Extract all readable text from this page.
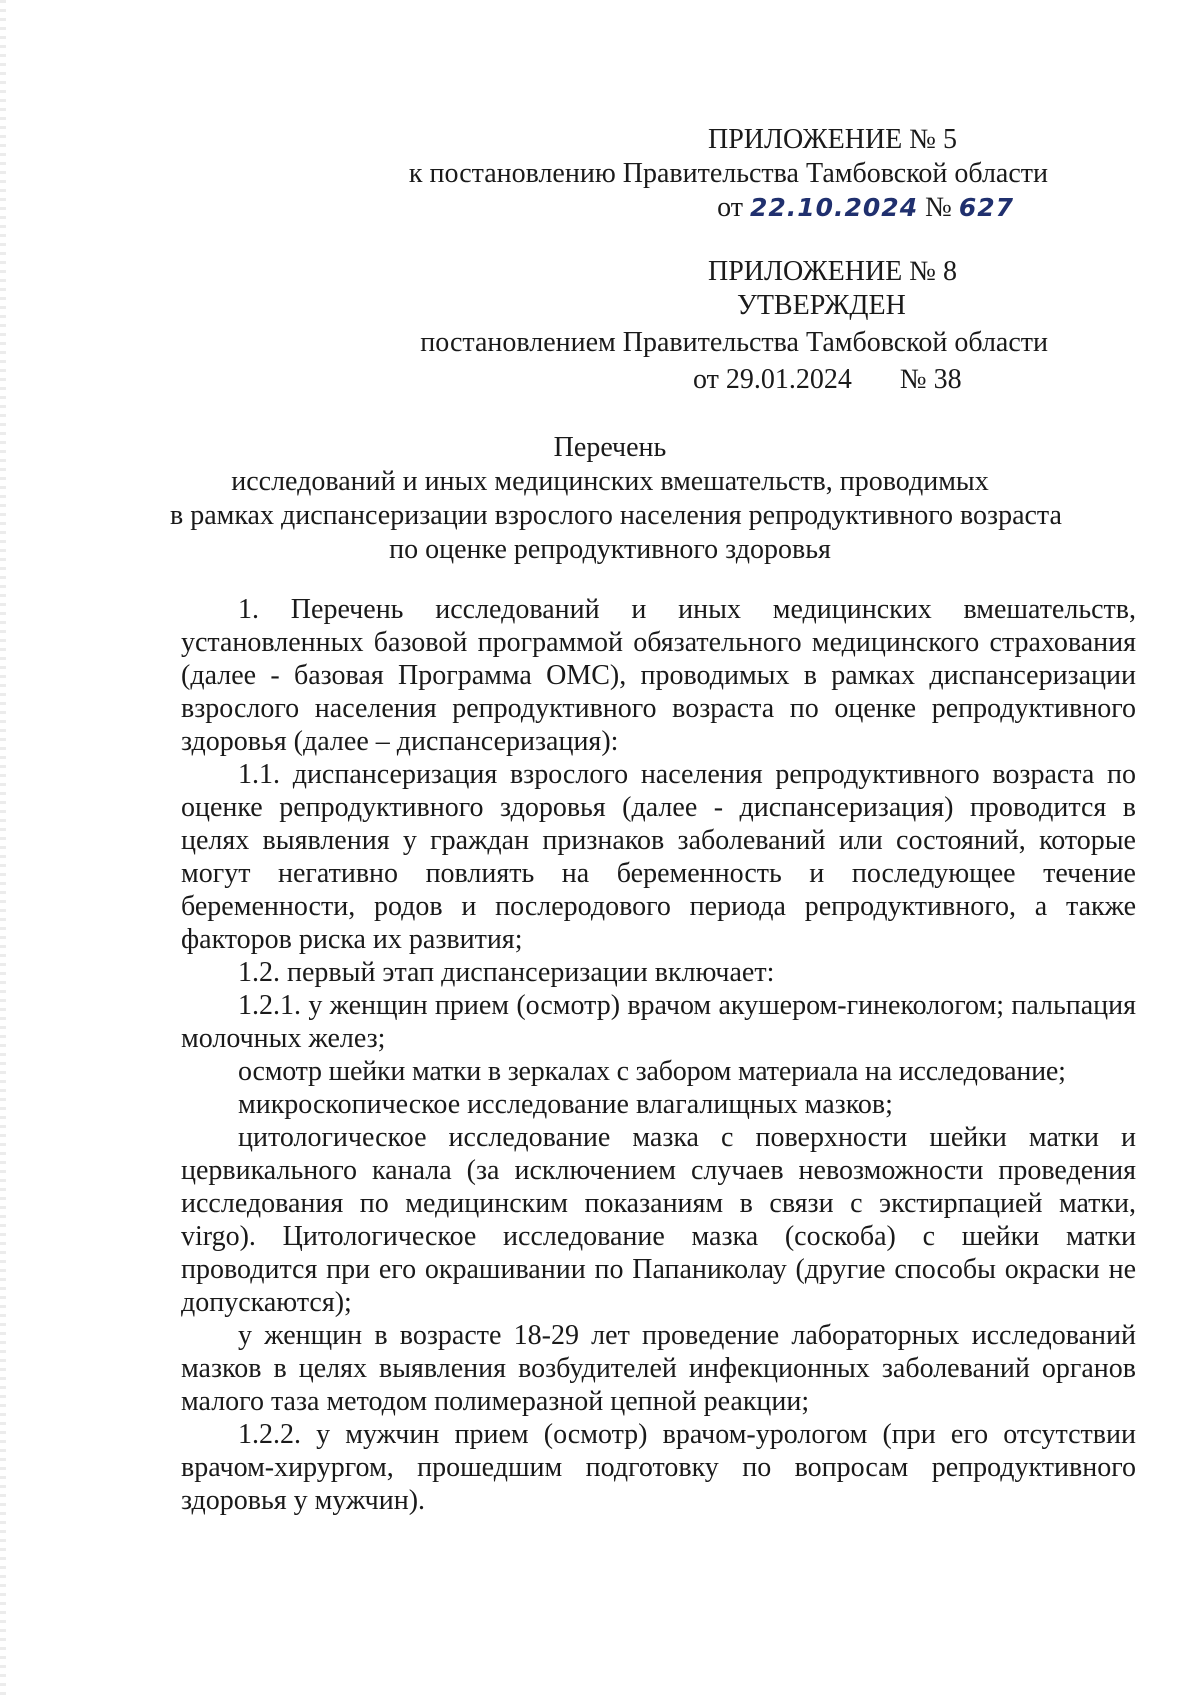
ПРИЛОЖЕНИЕ № 5
к постановлению Правительства Тамбовской области
от 22.10.2024 № 627
ПРИЛОЖЕНИЕ № 8
УТВЕРЖДЕН
постановлением Правительства Тамбовской области
от 29.01.2024 № 38
Перечень
исследований и иных медицинских вмешательств, проводимых
в рамках диспансеризации взрослого населения репродуктивного возраста
по оценке репродуктивного здоровья

1. Перечень исследований и иных медицинских вмешательств, установленных базовой программой обязательного медицинского страхования (далее - базовая Программа ОМС), проводимых в рамках диспансеризации взрослого населения репродуктивного возраста по оценке репродуктивного здоровья (далее – диспансеризация):

1.1. диспансеризация взрослого населения репродуктивного возраста по оценке репродуктивного здоровья (далее - диспансеризация) проводится в целях выявления у граждан признаков заболеваний или состояний, которые могут негативно повлиять на беременность и последующее течение беременности, родов и послеродового периода репродуктивного, а также факторов риска их развития;

1.2. первый этап диспансеризации включает:

1.2.1. у женщин прием (осмотр) врачом акушером-гинекологом; пальпация молочных желез;

осмотр шейки матки в зеркалах с забором материала на исследование;

микроскопическое исследование влагалищных мазков;

цитологическое исследование мазка с поверхности шейки матки и цервикального канала (за исключением случаев невозможности проведения исследования по медицинским показаниям в связи с экстирпацией матки, virgo). Цитологическое исследование мазка (соскоба) с шейки матки проводится при его окрашивании по Папаниколау (другие способы окраски не допускаются);

у женщин в возрасте 18-29 лет проведение лабораторных исследований мазков в целях выявления возбудителей инфекционных заболеваний органов малого таза методом полимеразной цепной реакции;

1.2.2. у мужчин прием (осмотр) врачом-урологом (при его отсутствии врачом-хирургом, прошедшим подготовку по вопросам репродуктивного здоровья у мужчин).
